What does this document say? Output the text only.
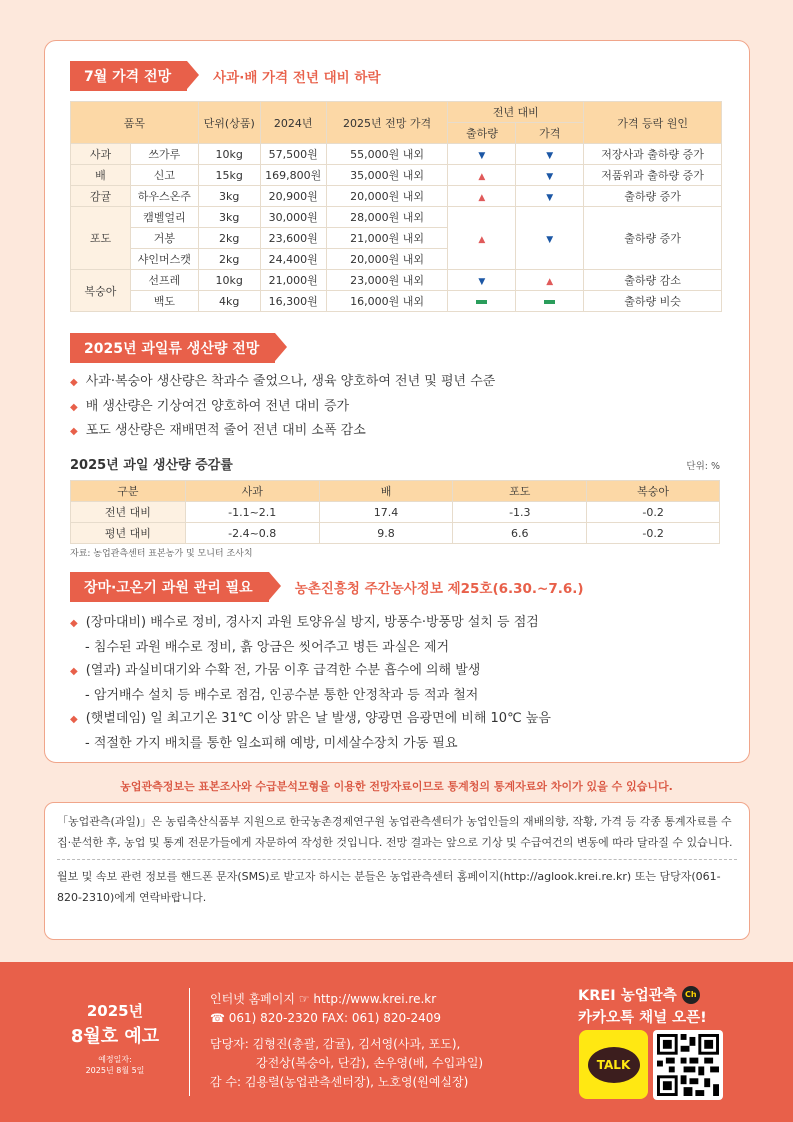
7월 가격 전망	사과·배 가격 전년 대비 하락
품목		단위(상품)	2024년	2025년 전망 가격	전년 대비		가격 등락 원인
					출하량	가격	
사과	쓰가루	10kg	57,500원	55,000원 내외	▼	▼	저장사과 출하량 증가
배	신고	15kg	169,800원	35,000원 내외	▲	▼	저품위과 출하량 증가
감귤	하우스온주	3kg	20,900원	20,000원 내외	▲	▼	출하량 증가
포도	캠벨얼리	3kg	30,000원	28,000원 내외	▲	▼	출하량 증가
	거봉	2kg	23,600원	21,000원 내외			
	샤인머스캣	2kg	24,400원	20,000원 내외			
복숭아	선프레	10kg	21,000원	23,000원 내외	▼	▲	출하량 감소
	백도	4kg	16,300원	16,000원 내외			출하량 비슷
2025년 과일류 생산량 전망
◆ 사과·복숭아 생산량은 착과수 줄었으나, 생육 양호하여 전년 및 평년 수준
◆ 배 생산량은 기상여건 양호하여 전년 대비 증가
◆ 포도 생산량은 재배면적 줄어 전년 대비 소폭 감소
2025년 과일 생산량 증감률	단위: %
구분	사과	배	포도	복숭아
전년 대비	-1.1~2.1	17.4	-1.3	-0.2
평년 대비	-2.4~0.8	9.8	6.6	-0.2
자료: 농업관측센터 표본농가 및 모니터 조사치
장마·고온기 과원 관리 필요	농촌진흥청 주간농사정보 제25호(6.30.~7.6.)
◆ (장마대비) 배수로 정비, 경사지 과원 토양유실 방지, 방풍수·방풍망 설치 등 점검
- 침수된 과원 배수로 정비, 흙 앙금은 씻어주고 병든 과실은 제거
◆ (열과) 과실비대기와 수확 전, 가뭄 이후 급격한 수분 흡수에 의해 발생
- 암거배수 설치 등 배수로 점검, 인공수분 통한 안정착과 등 적과 철저
◆ (햇볕데임) 일 최고기온 31℃ 이상 맑은 날 발생, 양광면 음광면에 비해 10℃ 높음
- 적절한 가지 배치를 통한 일소피해 예방, 미세살수장치 가동 필요
농업관측정보는 표본조사와 수급분석모형을 이용한 전망자료이므로 통계청의 통계자료와 차이가 있을 수 있습니다.

「농업관측(과일)」은 농림축산식품부 지원으로 한국농촌경제연구원 농업관측센터가 농업인들의 재배의향, 작황, 가격 등 각종 통계자료를 수집·분석한 후, 농업 및 통계 전문가들에게 자문하여 작성한 것입니다. 전망 결과는 앞으로 기상 및 수급여건의 변동에 따라 달라질 수 있습니다.

월보 및 속보 관련 정보를 핸드폰 문자(SMS)로 받고자 하시는 분들은 농업관측센터 홈페이지(http://aglook.krei.re.kr) 또는 담당자(061-820-2310)에게 연락바랍니다.

2025년
8월호 예고
예정일자:
2025년 8월 5일
인터넷 홈페이지 ☞ http://www.krei.re.kr
☎ 061) 820-2320 FAX: 061) 820-2409
담당자: 김형진(총괄, 감귤), 김서영(사과, 포도),
강전상(복숭아, 단감), 손우영(배, 수입과일)
감 수: 김용렬(농업관측센터장), 노호영(원예실장)
KREI 농업관측	Ch
카카오톡 채널 오픈!
TALK
